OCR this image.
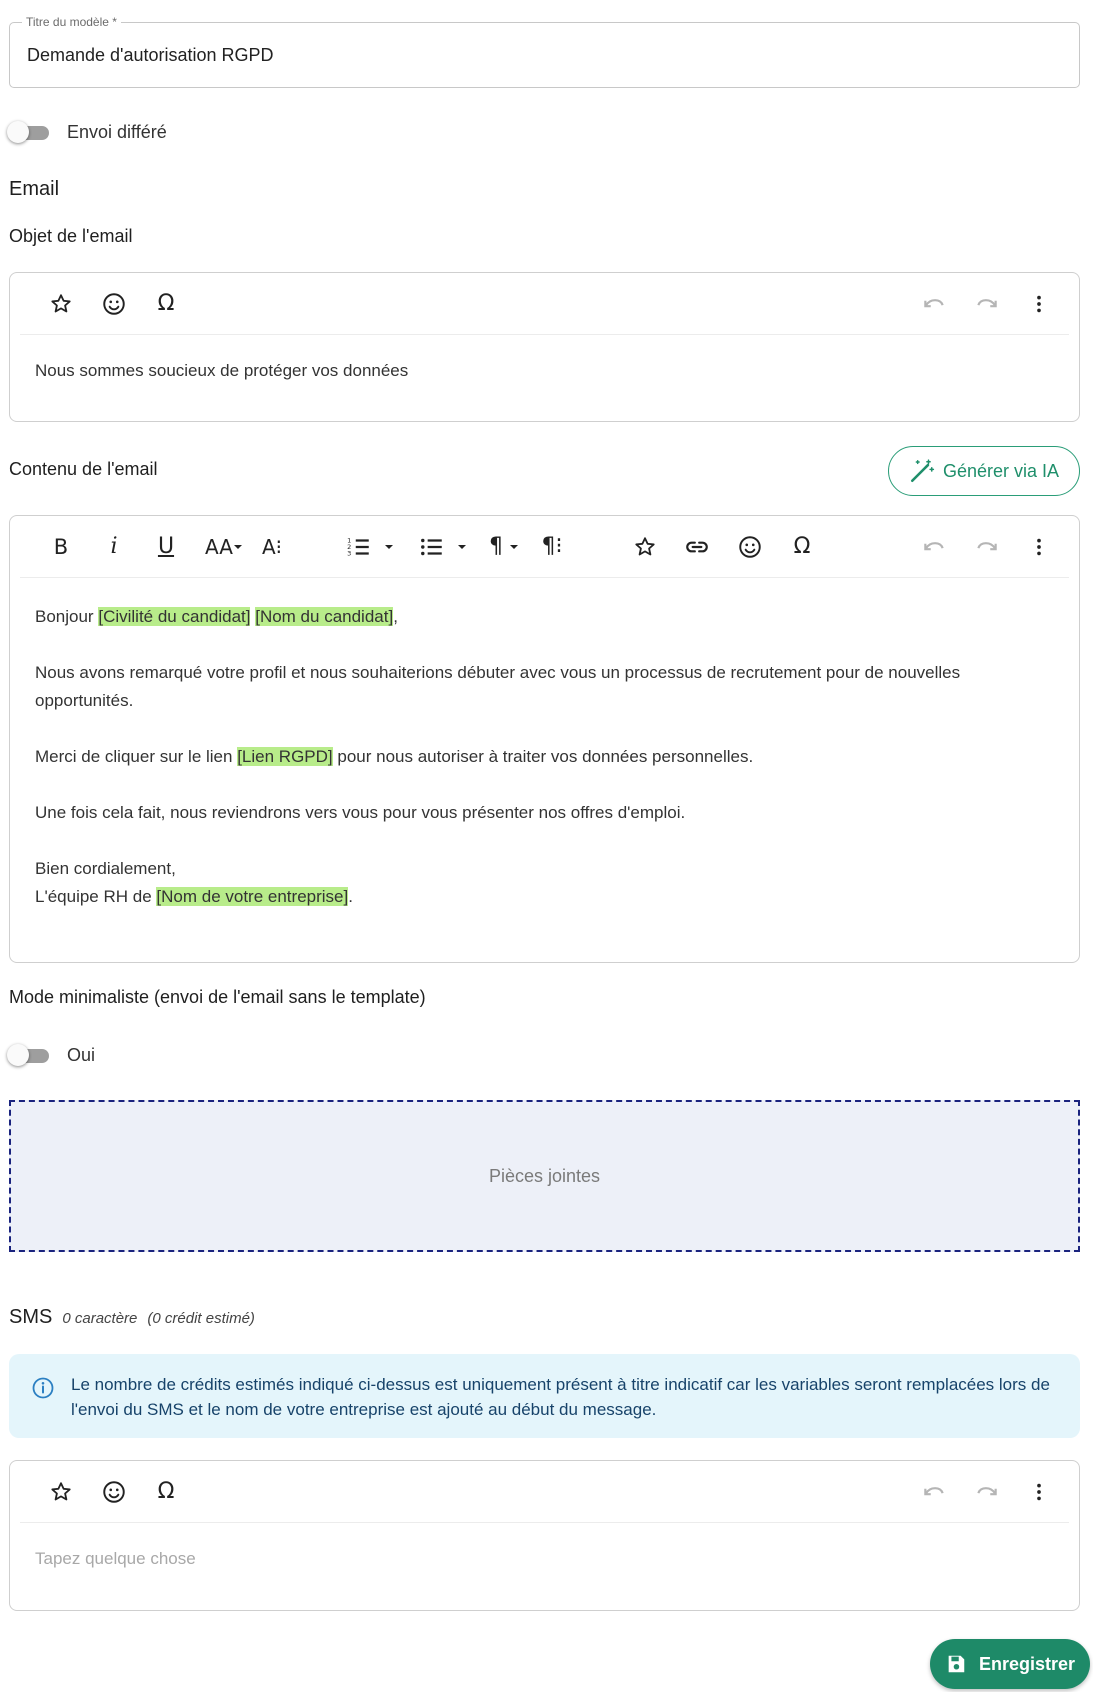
Titre du modèle *
Demande d'autorisation RGPD
Envoi différé
Email
Objet de l'email
Ω
Nous sommes soucieux de protéger vos données
Contenu de l'email	Générer via IA
B i U AA A⁝	¶ ¶⁝	Ω
Bonjour [Civilité du candidat] [Nom du candidat],
Nous avons remarqué votre profil et nous souhaiterions débuter avec vous un processus de recrutement pour de nouvelles opportunités.
Merci de cliquer sur le lien [Lien RGPD] pour nous autoriser à traiter vos données personnelles.
Une fois cela fait, nous reviendrons vers vous pour vous présenter nos offres d'emploi.
Bien cordialement,
L'équipe RH de [Nom de votre entreprise].
Mode minimaliste (envoi de l'email sans le template)
Oui
Pièces jointes
SMS 0 caractère (0 crédit estimé)
Le nombre de crédits estimés indiqué ci-dessus est uniquement présent à titre indicatif car les variables seront remplacées lors de l'envoi du SMS et le nom de votre entreprise est ajouté au début du message.
Ω
Tapez quelque chose
Enregistrer
